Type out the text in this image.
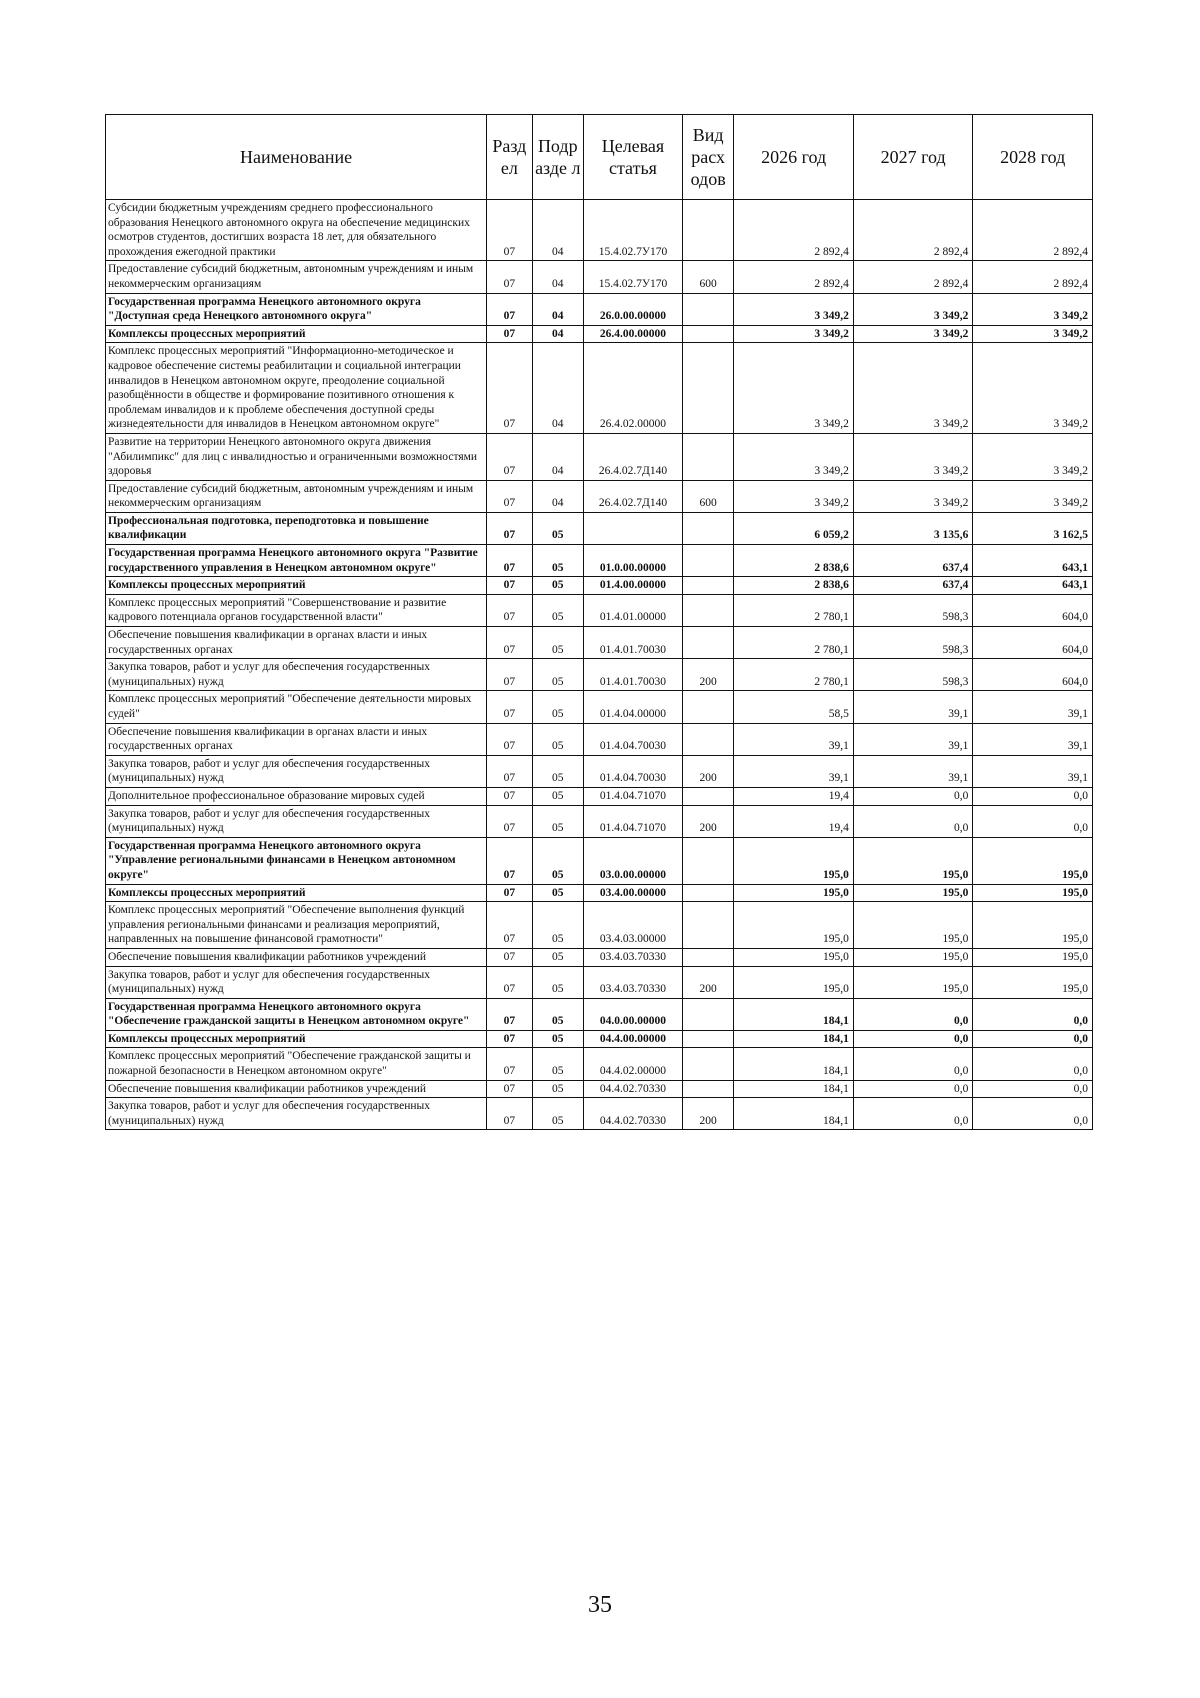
Наименование	Разд ел	Подр азде л	Целевая статья	Вид расх одов	2026 год	2027 год	2028 год
Субсидии бюджетным учреждениям среднего профессионального образования Ненецкого автономного округа на обеспечение медицинских осмотров студентов, достигших возраста 18 лет, для обязательного прохождения ежегодной практики	07	04	15.4.02.7У170		2 892,4	2 892,4	2 892,4
Предоставление субсидий бюджетным, автономным учреждениям и иным некоммерческим организациям	07	04	15.4.02.7У170	600	2 892,4	2 892,4	2 892,4
Государственная программа Ненецкого автономного округа "Доступная среда Ненецкого автономного округа"	07	04	26.0.00.00000		3 349,2	3 349,2	3 349,2
Комплексы процессных мероприятий	07	04	26.4.00.00000		3 349,2	3 349,2	3 349,2
Комплекс процессных мероприятий "Информационно-методическое и кадровое обеспечение системы реабилитации и социальной интеграции инвалидов в Ненецком автономном округе, преодоление социальной разобщённости в обществе и формирование позитивного отношения к проблемам инвалидов и к проблеме обеспечения доступной среды жизнедеятельности для инвалидов в Ненецком автономном округе"	07	04	26.4.02.00000		3 349,2	3 349,2	3 349,2
Развитие на территории Ненецкого автономного округа движения "Абилимпикс" для лиц с инвалидностью и ограниченными возможностями здоровья	07	04	26.4.02.7Д140		3 349,2	3 349,2	3 349,2
Предоставление субсидий бюджетным, автономным учреждениям и иным некоммерческим организациям	07	04	26.4.02.7Д140	600	3 349,2	3 349,2	3 349,2
Профессиональная подготовка, переподготовка и повышение квалификации	07	05			6 059,2	3 135,6	3 162,5
Государственная программа Ненецкого автономного округа "Развитие государственного управления в Ненецком автономном округе"	07	05	01.0.00.00000		2 838,6	637,4	643,1
Комплексы процессных мероприятий	07	05	01.4.00.00000		2 838,6	637,4	643,1
Комплекс процессных мероприятий "Совершенствование и развитие кадрового потенциала органов государственной власти"	07	05	01.4.01.00000		2 780,1	598,3	604,0
Обеспечение повышения квалификации в органах власти и иных государственных органах	07	05	01.4.01.70030		2 780,1	598,3	604,0
Закупка товаров, работ и услуг для обеспечения государственных (муниципальных) нужд	07	05	01.4.01.70030	200	2 780,1	598,3	604,0
Комплекс процессных мероприятий "Обеспечение деятельности мировых судей"	07	05	01.4.04.00000		58,5	39,1	39,1
Обеспечение повышения квалификации в органах власти и иных государственных органах	07	05	01.4.04.70030		39,1	39,1	39,1
Закупка товаров, работ и услуг для обеспечения государственных (муниципальных) нужд	07	05	01.4.04.70030	200	39,1	39,1	39,1
Дополнительное профессиональное образование мировых судей	07	05	01.4.04.71070		19,4	0,0	0,0
Закупка товаров, работ и услуг для обеспечения государственных (муниципальных) нужд	07	05	01.4.04.71070	200	19,4	0,0	0,0
Государственная программа Ненецкого автономного округа "Управление региональными финансами в Ненецком автономном округе"	07	05	03.0.00.00000		195,0	195,0	195,0
Комплексы процессных мероприятий	07	05	03.4.00.00000		195,0	195,0	195,0
Комплекс процессных мероприятий "Обеспечение выполнения функций управления региональными финансами и реализация мероприятий, направленных на повышение финансовой грамотности"	07	05	03.4.03.00000		195,0	195,0	195,0
Обеспечение повышения квалификации работников учреждений	07	05	03.4.03.70330		195,0	195,0	195,0
Закупка товаров, работ и услуг для обеспечения государственных (муниципальных) нужд	07	05	03.4.03.70330	200	195,0	195,0	195,0
Государственная программа Ненецкого автономного округа "Обеспечение гражданской защиты в Ненецком автономном округе"	07	05	04.0.00.00000		184,1	0,0	0,0
Комплексы процессных мероприятий	07	05	04.4.00.00000		184,1	0,0	0,0
Комплекс процессных мероприятий "Обеспечение гражданской защиты и пожарной безопасности в Ненецком автономном округе"	07	05	04.4.02.00000		184,1	0,0	0,0
Обеспечение повышения квалификации работников учреждений	07	05	04.4.02.70330		184,1	0,0	0,0
Закупка товаров, работ и услуг для обеспечения государственных (муниципальных) нужд	07	05	04.4.02.70330	200	184,1	0,0	0,0
35
